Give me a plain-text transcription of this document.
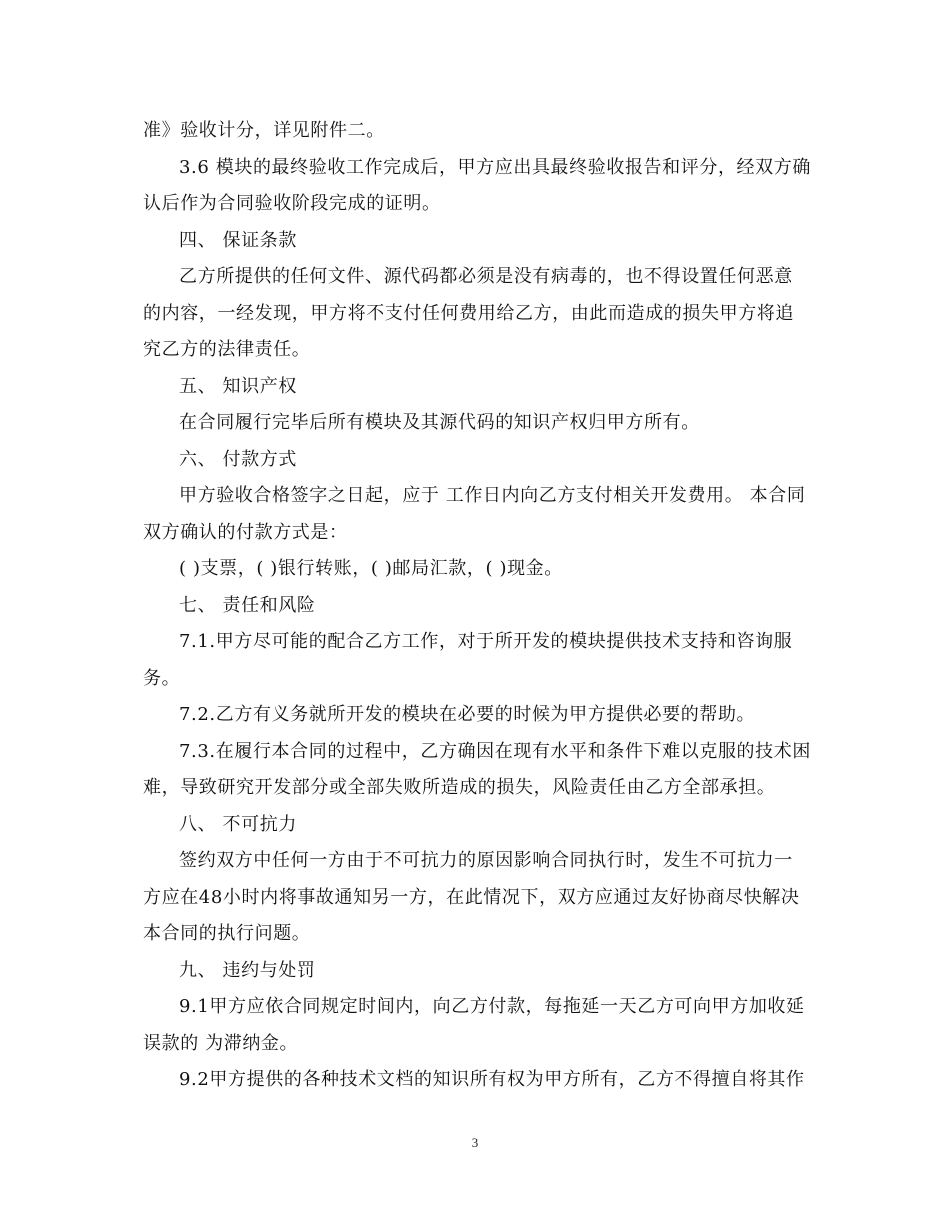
准》验收计分，详见附件二。

3.6 模块的最终验收工作完成后，甲方应出具最终验收报告和评分，经双方确认后作为合同验收阶段完成的证明。

四、 保证条款

乙方所提供的任何文件、源代码都必须是没有病毒的，也不得设置任何恶意的内容，一经发现，甲方将不支付任何费用给乙方，由此而造成的损失甲方将追究乙方的法律责任。

五、 知识产权

在合同履行完毕后所有模块及其源代码的知识产权归甲方所有。

六、 付款方式

甲方验收合格签字之日起，应于 工作日内向乙方支付相关开发费用。 本合同双方确认的付款方式是：

( )支票，( )银行转账，( )邮局汇款，( )现金。

七、 责任和风险

7.1.甲方尽可能的配合乙方工作，对于所开发的模块提供技术支持和咨询服务。

7.2.乙方有义务就所开发的模块在必要的时候为甲方提供必要的帮助。

7.3.在履行本合同的过程中，乙方确因在现有水平和条件下难以克服的技术困难，导致研究开发部分或全部失败所造成的损失，风险责任由乙方全部承担。

八、 不可抗力

签约双方中任何一方由于不可抗力的原因影响合同执行时，发生不可抗力一方应在48小时内将事故通知另一方，在此情况下，双方应通过友好协商尽快解决本合同的执行问题。

九、 违约与处罚

9.1甲方应依合同规定时间内，向乙方付款，每拖延一天乙方可向甲方加收延误款的 为滞纳金。

9.2甲方提供的各种技术文档的知识所有权为甲方所有，乙方不得擅自将其作

3
